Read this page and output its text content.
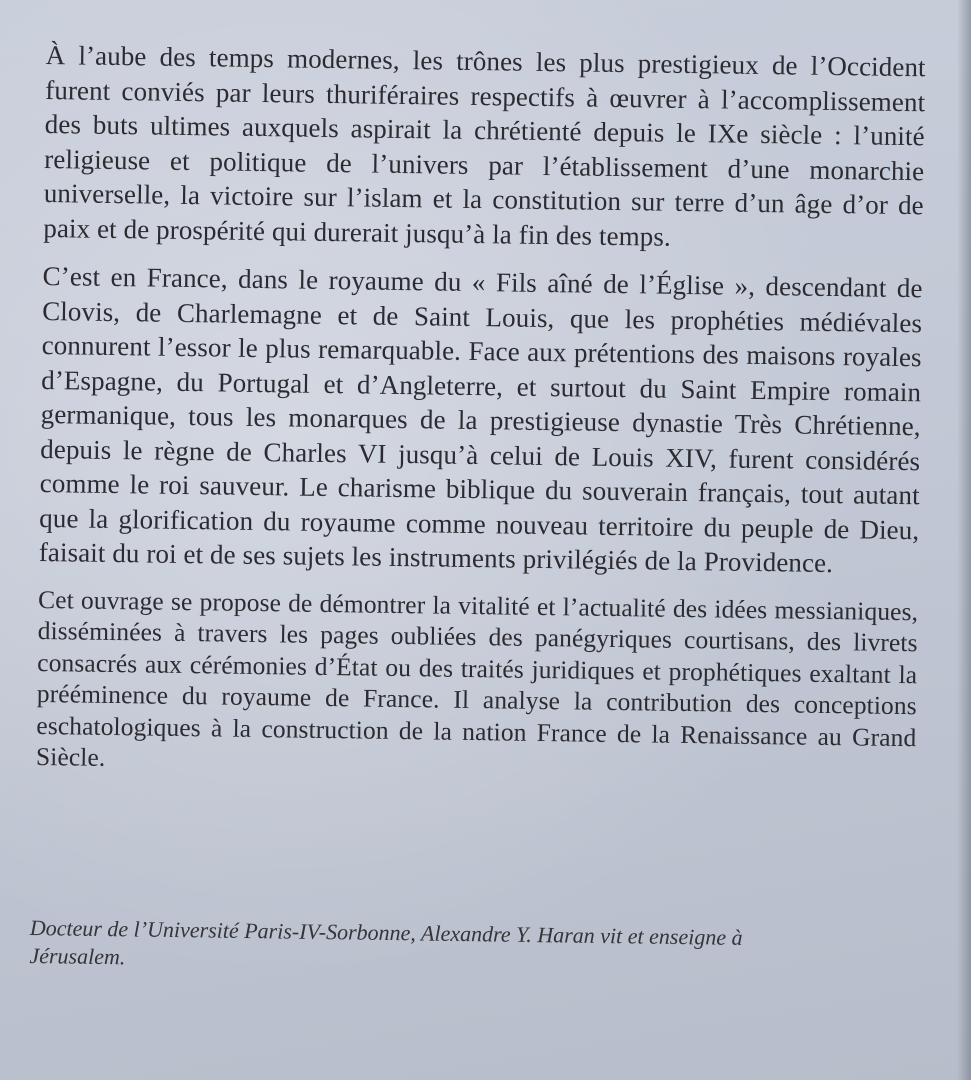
À l’aube des temps modernes, les trônes les plus prestigieux de l’Occident furent conviés par leurs thuriféraires respectifs à œuvrer à l’accomplissement des buts ultimes auxquels aspirait la chrétienté depuis le IXe siècle : l’unité religieuse et politique de l’univers par l’établissement d’une monarchie universelle, la victoire sur l’islam et la constitution sur terre d’un âge d’or de paix et de prospérité qui durerait jusqu’à la fin des temps.

C’est en France, dans le royaume du « Fils aîné de l’Église », descendant de Clovis, de Charlemagne et de Saint Louis, que les prophéties médiévales connurent l’essor le plus remarquable. Face aux prétentions des maisons royales d’Espagne, du Portugal et d’Angleterre, et surtout du Saint Empire romain germanique, tous les monarques de la prestigieuse dynastie Très Chrétienne, depuis le règne de Charles VI jusqu’à celui de Louis XIV, furent considérés comme le roi sauveur. Le charisme biblique du souverain français, tout autant que la glorification du royaume comme nouveau territoire du peuple de Dieu, faisait du roi et de ses sujets les instruments privilégiés de la Providence.

Cet ouvrage se propose de démontrer la vitalité et l’actualité des idées messianiques, disséminées à travers les pages oubliées des panégyriques courtisans, des livrets consacrés aux cérémonies d’État ou des traités juridiques et prophétiques exaltant la prééminence du royaume de France. Il analyse la contribution des conceptions eschatologiques à la construction de la nation France de la Renaissance au Grand Siècle.

Docteur de l’Université Paris-IV-Sorbonne, Alexandre Y. Haran vit et enseigne à Jérusalem.
